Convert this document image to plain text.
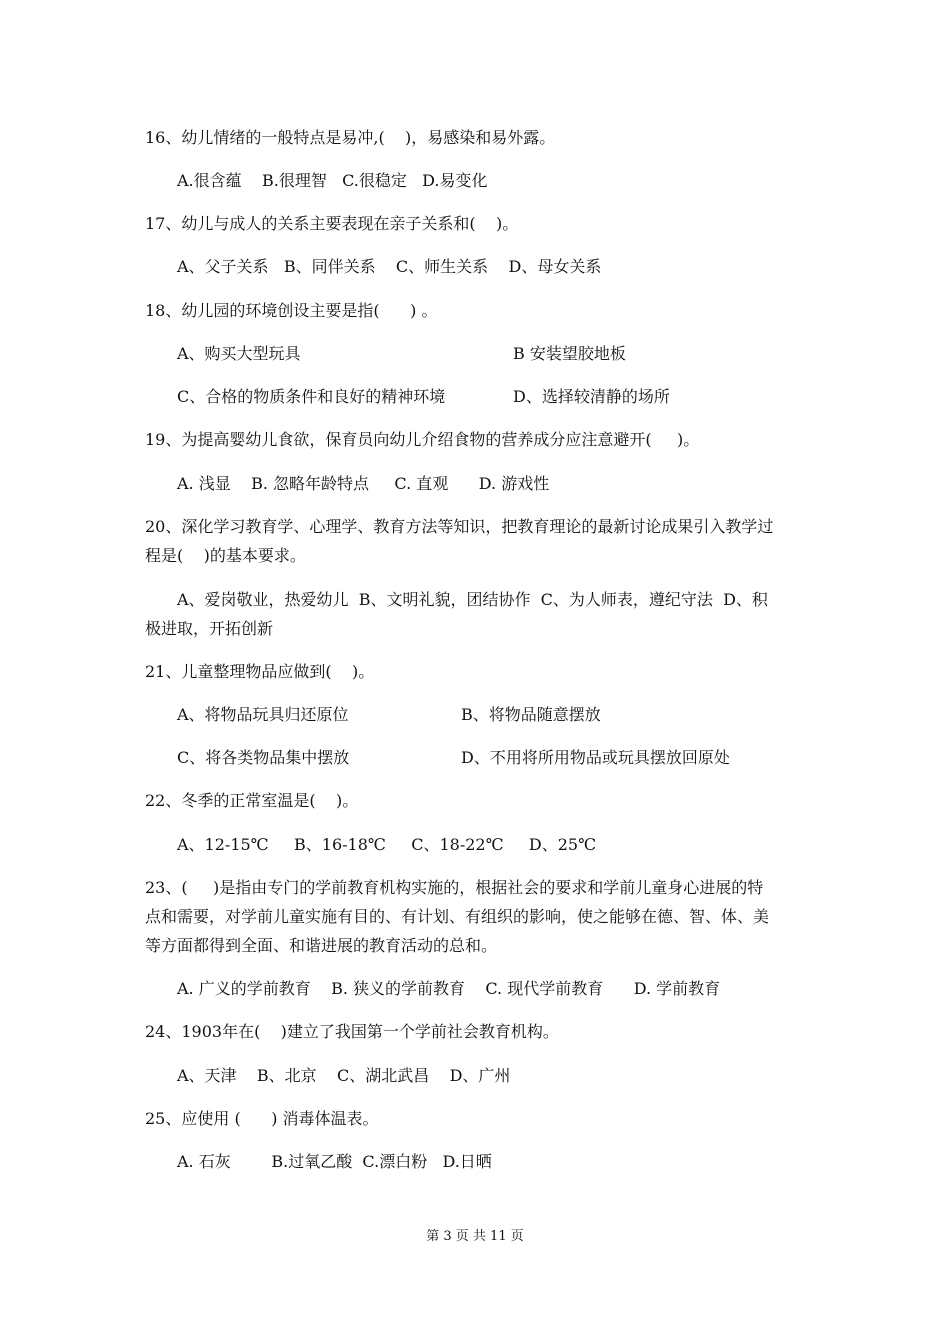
16、幼儿情绪的一般特点是易冲,(    )，易感染和易外露。
A.很含蕴    B.很理智   C.很稳定   D.易变化
17、幼儿与成人的关系主要表现在亲子关系和(    )。
A、父子关系   B、同伴关系    C、师生关系    D、母女关系
18、幼儿园的环境创设主要是指(      ) 。
A、购买大型玩具	B 安装望胶地板
C、合格的物质条件和良好的精神环境	D、选择较清静的场所
19、为提高婴幼儿食欲，保育员向幼儿介绍食物的营养成分应注意避开(     )。
A. 浅显    B. 忽略年龄特点     C. 直观      D. 游戏性
20、深化学习教育学、心理学、教育方法等知识，把教育理论的最新讨论成果引入教学过
程是(    )的基本要求。
A、爱岗敬业，热爱幼儿  B、文明礼貌，团结协作  C、为人师表，遵纪守法  D、积
极进取，开拓创新
21、儿童整理物品应做到(    )。
A、将物品玩具归还原位	B、将物品随意摆放
C、将各类物品集中摆放	D、不用将所用物品或玩具摆放回原处
22、冬季的正常室温是(    )。
A、12-15℃     B、16-18℃     C、18-22℃     D、25℃
23、(     )是指由专门的学前教育机构实施的，根据社会的要求和学前儿童身心进展的特
点和需要，对学前儿童实施有目的、有计划、有组织的影响，使之能够在德、智、体、美
等方面都得到全面、和谐进展的教育活动的总和。
A. 广义的学前教育    B. 狭义的学前教育    C. 现代学前教育      D. 学前教育
24、1903年在(    )建立了我国第一个学前社会教育机构。
A、天津    B、北京    C、湖北武昌    D、广州
25、应使用 (      ) 消毒体温表。
A. 石灰        B.过氧乙酸  C.漂白粉   D.日晒
第 3 页 共 11 页
